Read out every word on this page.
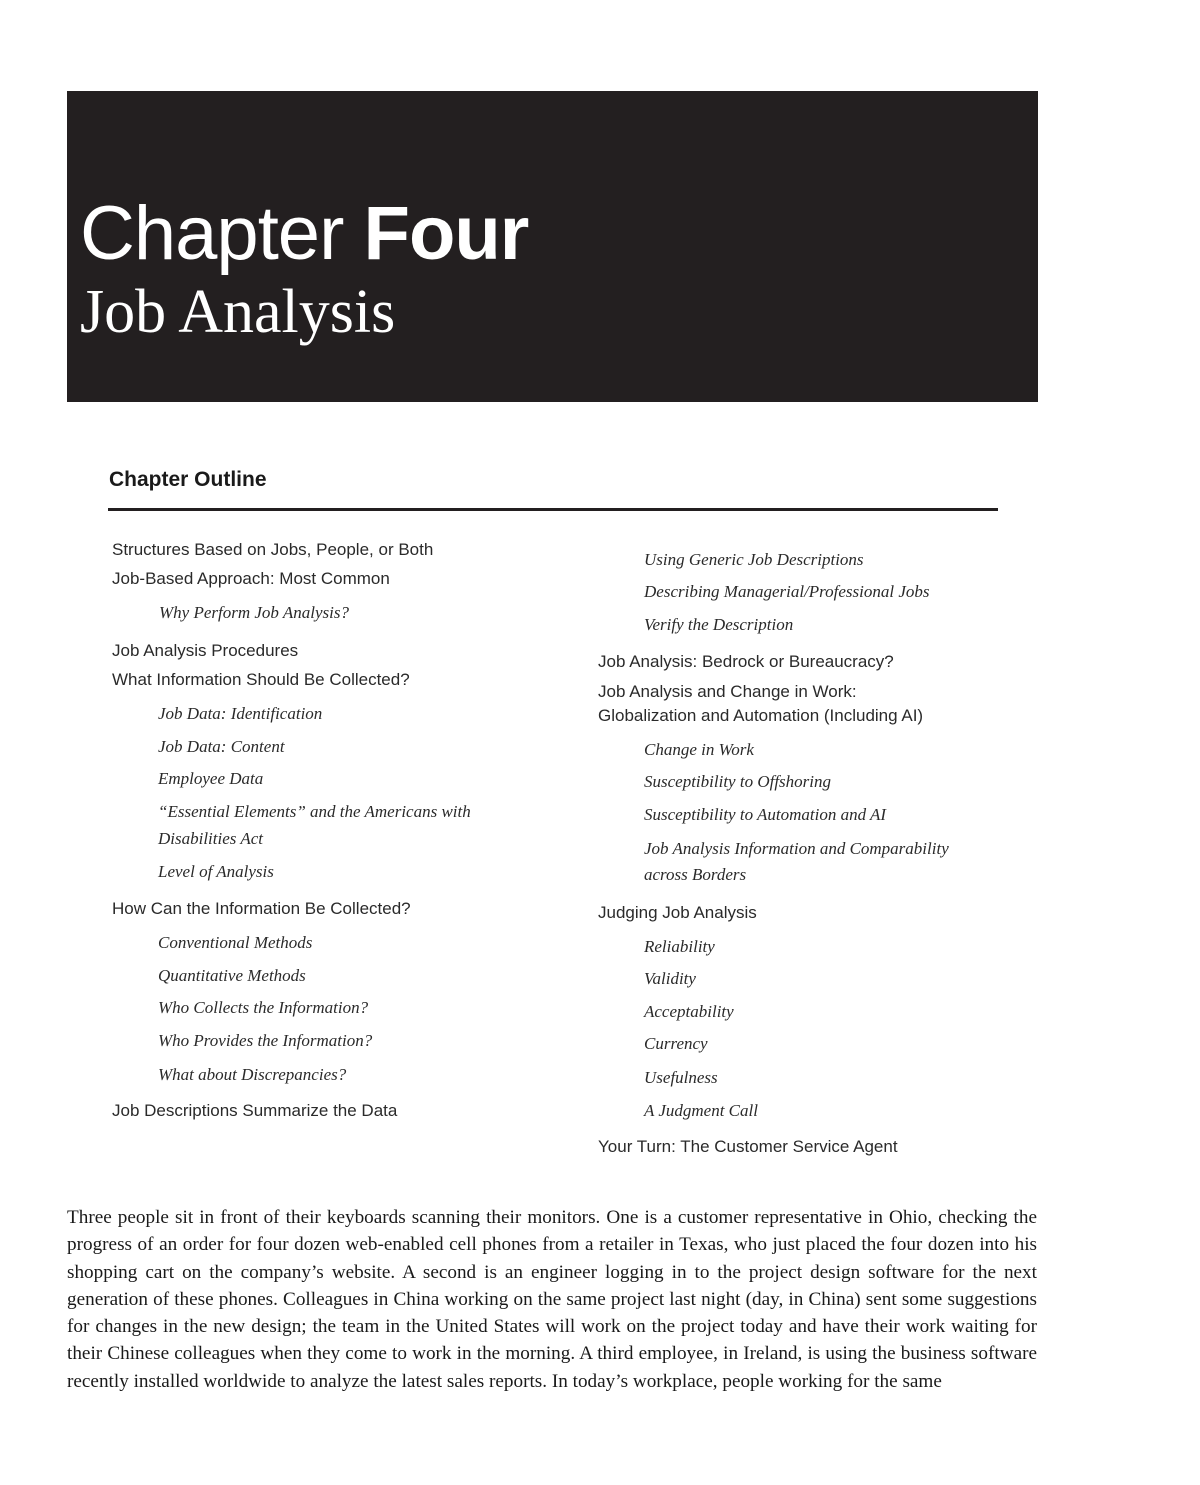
Chapter Four
Job Analysis
Chapter Outline
Structures Based on Jobs, People, or Both
Job-Based Approach: Most Common
Why Perform Job Analysis?
Job Analysis Procedures
What Information Should Be Collected?
Job Data: Identification
Job Data: Content
Employee Data
“Essential Elements” and the Americans with
Disabilities Act
Level of Analysis
How Can the Information Be Collected?
Conventional Methods
Quantitative Methods
Who Collects the Information?
Who Provides the Information?
What about Discrepancies?
Job Descriptions Summarize the Data
Using Generic Job Descriptions
Describing Managerial/Professional Jobs
Verify the Description
Job Analysis: Bedrock or Bureaucracy?
Job Analysis and Change in Work:
Globalization and Automation (Including AI)
Change in Work
Susceptibility to Offshoring
Susceptibility to Automation and AI
Job Analysis Information and Comparability
across Borders
Judging Job Analysis
Reliability
Validity
Acceptability
Currency
Usefulness
A Judgment Call
Your Turn: The Customer Service Agent

Three people sit in front of their keyboards scanning their monitors. One is a customer representative in Ohio, checking the progress of an order for four dozen web-enabled cell phones from a retailer in Texas, who just placed the four dozen into his shopping cart on the company’s website. A second is an engineer logging in to the project design software for the next generation of these phones. Colleagues in China working on the same project last night (day, in China) sent some suggestions for changes in the new design; the team in the United States will work on the project today and have their work waiting for their Chinese colleagues when they come to work in the morning. A third employee, in Ireland, is using the business software recently installed worldwide to analyze the latest sales reports. In today’s workplace, people working for the same
